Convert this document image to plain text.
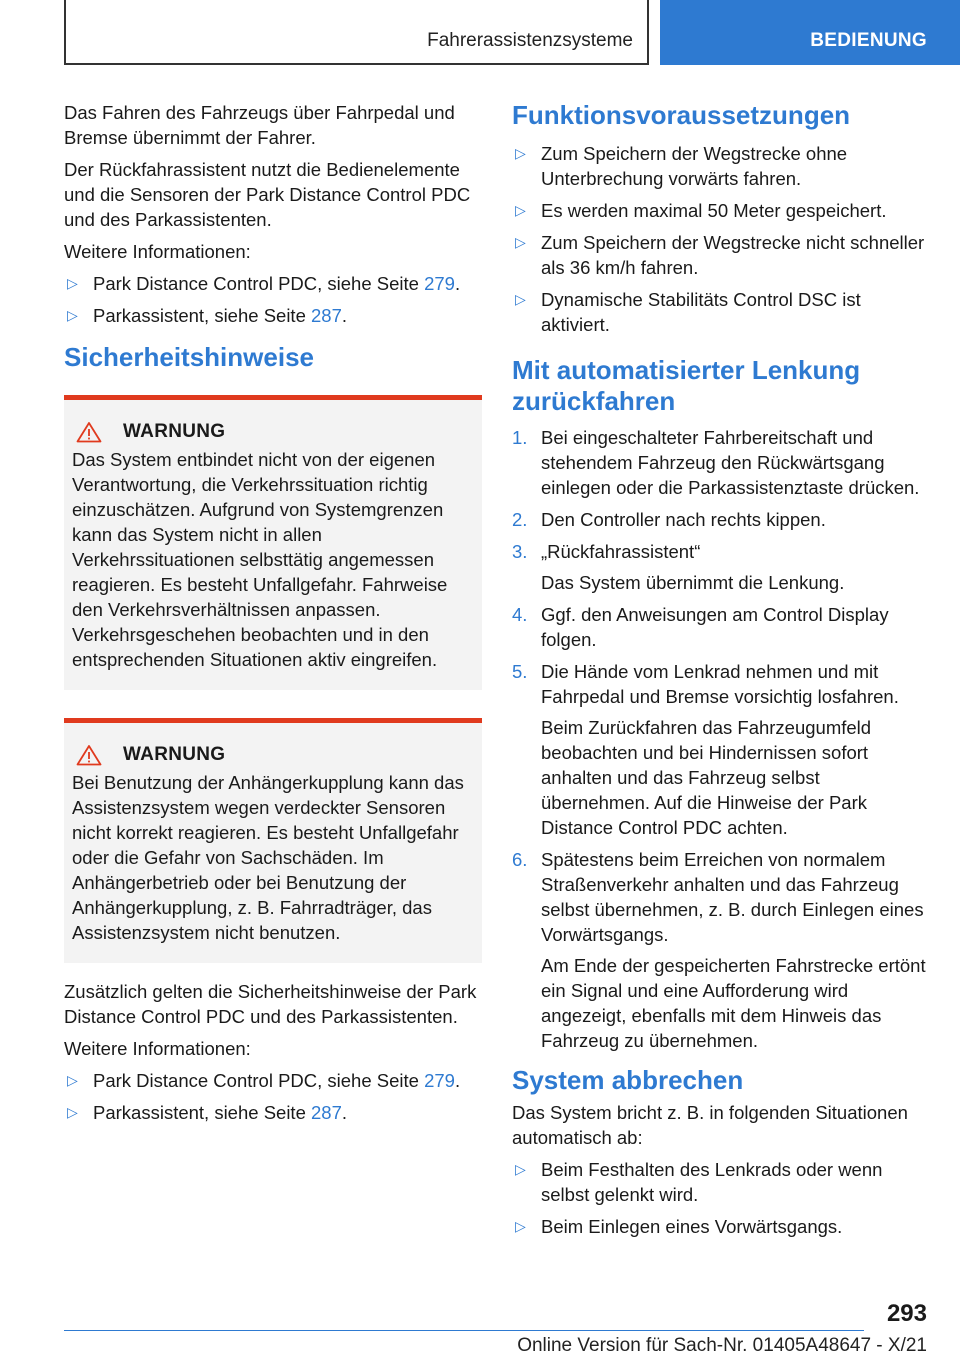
Fahrerassistenzsysteme	BEDIENUNG

Das Fahren des Fahrzeugs über Fahrpedal und Bremse übernimmt der Fahrer.

Der Rückfahrassistent nutzt die Bedienelemente und die Sensoren der Park Distance Control PDC und des Parkassistenten.

Weitere Informationen:

▷ Park Distance Control PDC, siehe Seite 279.
▷ Parkassistent, siehe Seite 287.
Sicherheitshinweise
WARNUNG

Das System entbindet nicht von der eigenen Verantwortung, die Verkehrssituation richtig einzuschätzen. Aufgrund von Systemgrenzen kann das System nicht in allen Verkehrssituationen selbsttätig angemessen reagieren. Es besteht Unfallgefahr. Fahrweise den Verkehrsverhältnissen anpassen. Verkehrsgeschehen beobachten und in den entsprechenden Situationen aktiv eingreifen.

WARNUNG

Bei Benutzung der Anhängerkupplung kann das Assistenzsystem wegen verdeckter Sensoren nicht korrekt reagieren. Es besteht Unfallgefahr oder die Gefahr von Sachschäden. Im Anhängerbetrieb oder bei Benutzung der Anhängerkupplung, z. B. Fahrradträger, das Assistenzsystem nicht benutzen.

Zusätzlich gelten die Sicherheitshinweise der Park Distance Control PDC und des Parkassistenten.

Weitere Informationen:

▷ Park Distance Control PDC, siehe Seite 279.
▷ Parkassistent, siehe Seite 287.
Funktionsvoraussetzungen
▷ Zum Speichern der Wegstrecke ohne Unterbrechung vorwärts fahren.
▷ Es werden maximal 50 Meter gespeichert.
▷ Zum Speichern der Wegstrecke nicht schneller als 36 km/h fahren.
▷ Dynamische Stabilitäts Control DSC ist aktiviert.
Mit automatisierter Lenkung zurückfahren
1. Bei eingeschalteter Fahrbereitschaft und stehendem Fahrzeug den Rückwärtsgang einlegen oder die Parkassistenztaste drücken.

2. Den Controller nach rechts kippen.

3. „Rückfahrassistent“

Das System übernimmt die Lenkung.

4. Ggf. den Anweisungen am Control Display folgen.

5. Die Hände vom Lenkrad nehmen und mit Fahrpedal und Bremse vorsichtig losfahren.

Beim Zurückfahren das Fahrzeugumfeld beobachten und bei Hindernissen sofort anhalten und das Fahrzeug selbst übernehmen. Auf die Hinweise der Park Distance Control PDC achten.

6. Spätestens beim Erreichen von normalem Straßenverkehr anhalten und das Fahrzeug selbst übernehmen, z. B. durch Einlegen eines Vorwärtsgangs.

Am Ende der gespeicherten Fahrstrecke ertönt ein Signal und eine Aufforderung wird angezeigt, ebenfalls mit dem Hinweis das Fahrzeug zu übernehmen.

System abbrechen

Das System bricht z. B. in folgenden Situationen automatisch ab:

▷ Beim Festhalten des Lenkrads oder wenn selbst gelenkt wird.
▷ Beim Einlegen eines Vorwärtsgangs.
293
Online Version für Sach-Nr. 01405A48647 - X/21
